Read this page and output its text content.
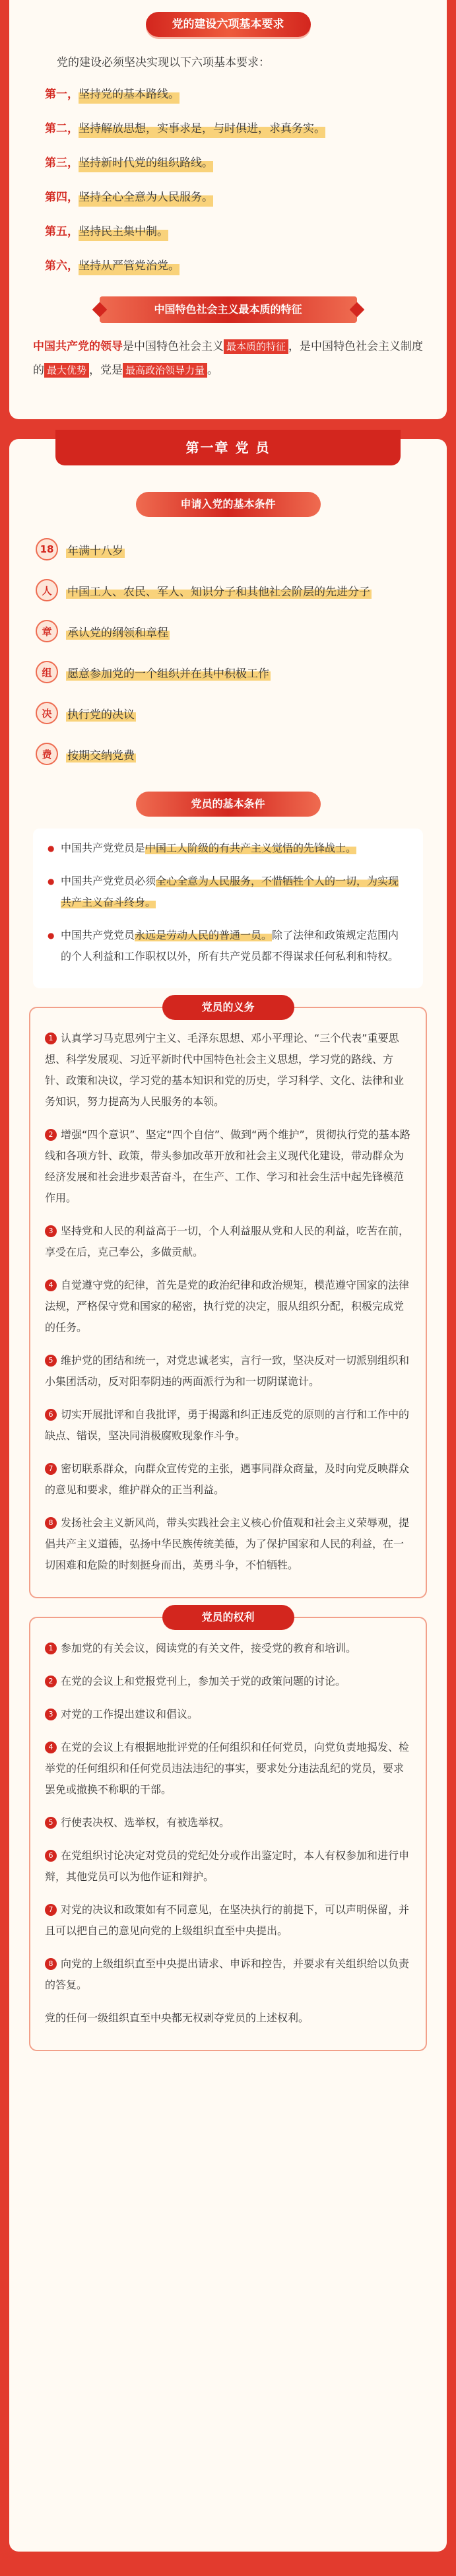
党的建设六项基本要求

党的建设必须坚决实现以下六项基本要求：

第一， 坚持党的基本路线。
第二， 坚持解放思想，实事求是，与时俱进，求真务实。
第三， 坚持新时代党的组织路线。
第四， 坚持全心全意为人民服务。
第五， 坚持民主集中制。
第六， 坚持从严管党治党。
中国特色社会主义最本质的特征

中国共产党的领导是中国特色社会主义 最本质的特征 ，是中国特色社会主义制度的 最大优势 ，党是 最高政治领导力量 。

第一章 党 员
申请入党的基本条件
18	年满十八岁
人	中国工人、农民、军人、知识分子和其他社会阶层的先进分子
章	承认党的纲领和章程
组	愿意参加党的一个组织并在其中积极工作
决	执行党的决议
费	按期交纳党费
党员的基本条件

● 中国共产党党员是中国工人阶级的有共产主义觉悟的先锋战士。

● 中国共产党党员必须全心全意为人民服务，不惜牺牲个人的一切，为实现共产主义奋斗终身。

● 中国共产党党员永远是劳动人民的普通一员。除了法律和政策规定范围内的个人利益和工作职权以外，所有共产党员都不得谋求任何私利和特权。

党员的义务

1 认真学习马克思列宁主义、毛泽东思想、邓小平理论、“三个代表”重要思想、科学发展观、习近平新时代中国特色社会主义思想，学习党的路线、方针、政策和决议，学习党的基本知识和党的历史，学习科学、文化、法律和业务知识，努力提高为人民服务的本领。

2 增强“四个意识”、坚定“四个自信”、做到“两个维护”，贯彻执行党的基本路线和各项方针、政策，带头参加改革开放和社会主义现代化建设，带动群众为经济发展和社会进步艰苦奋斗，在生产、工作、学习和社会生活中起先锋模范作用。

3 坚持党和人民的利益高于一切，个人利益服从党和人民的利益，吃苦在前，享受在后，克己奉公，多做贡献。

4 自觉遵守党的纪律，首先是党的政治纪律和政治规矩，模范遵守国家的法律法规，严格保守党和国家的秘密，执行党的决定，服从组织分配，积极完成党的任务。

5 维护党的团结和统一，对党忠诚老实，言行一致，坚决反对一切派别组织和小集团活动，反对阳奉阴违的两面派行为和一切阴谋诡计。

6 切实开展批评和自我批评，勇于揭露和纠正违反党的原则的言行和工作中的缺点、错误，坚决同消极腐败现象作斗争。

7 密切联系群众，向群众宣传党的主张，遇事同群众商量，及时向党反映群众的意见和要求，维护群众的正当利益。

8 发扬社会主义新风尚，带头实践社会主义核心价值观和社会主义荣辱观，提倡共产主义道德，弘扬中华民族传统美德，为了保护国家和人民的利益，在一切困难和危险的时刻挺身而出，英勇斗争，不怕牺牲。

党员的权利

1 参加党的有关会议，阅读党的有关文件，接受党的教育和培训。

2 在党的会议上和党报党刊上，参加关于党的政策问题的讨论。

3 对党的工作提出建议和倡议。

4 在党的会议上有根据地批评党的任何组织和任何党员，向党负责地揭发、检举党的任何组织和任何党员违法违纪的事实，要求处分违法乱纪的党员，要求罢免或撤换不称职的干部。

5 行使表决权、选举权，有被选举权。

6 在党组织讨论决定对党员的党纪处分或作出鉴定时，本人有权参加和进行申辩，其他党员可以为他作证和辩护。

7 对党的决议和政策如有不同意见，在坚决执行的前提下，可以声明保留，并且可以把自己的意见向党的上级组织直至中央提出。

8 向党的上级组织直至中央提出请求、申诉和控告，并要求有关组织给以负责的答复。

党的任何一级组织直至中央都无权剥夺党员的上述权利。
